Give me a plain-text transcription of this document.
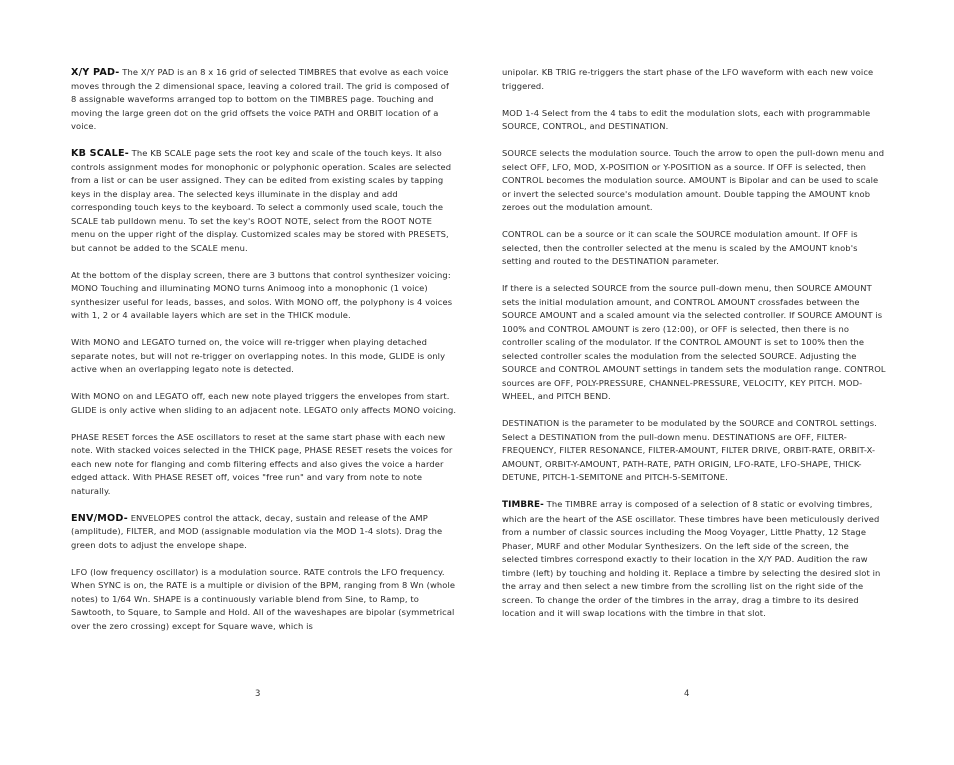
X/Y PAD- The X/Y PAD is an 8 x 16 grid of selected TIMBRES that evolve as each voice moves through the 2 dimensional space, leaving a colored trail. The grid is composed of 8 assignable waveforms arranged top to bottom on the TIMBRES page. Touching and moving the large green dot on the grid offsets the voice PATH and ORBIT location of a voice.

KB SCALE- The KB SCALE page sets the root key and scale of the touch keys. It also controls assignment modes for monophonic or polyphonic operation. Scales are selected from a list or can be user assigned. They can be edited from existing scales by tapping keys in the display area. The selected keys illuminate in the display and add corresponding touch keys to the keyboard. To select a commonly used scale, touch the SCALE tab pulldown menu. To set the key's ROOT NOTE, select from the ROOT NOTE menu on the upper right of the display. Customized scales may be stored with PRESETS, but cannot be added to the SCALE menu.

At the bottom of the display screen, there are 3 buttons that control synthesizer voicing: MONO Touching and illuminating MONO turns Animoog into a monophonic (1 voice) synthesizer useful for leads, basses, and solos. With MONO off, the polyphony is 4 voices with 1, 2 or 4 available layers which are set in the THICK module.

With MONO and LEGATO turned on, the voice will re-trigger when playing detached separate notes, but will not re-trigger on overlapping notes. In this mode, GLIDE is only active when an overlapping legato note is detected.

With MONO on and LEGATO off, each new note played triggers the envelopes from start. GLIDE is only active when sliding to an adjacent note. LEGATO only affects MONO voicing.

PHASE RESET forces the ASE oscillators to reset at the same start phase with each new note. With stacked voices selected in the THICK page, PHASE RESET resets the voices for each new note for flanging and comb filtering effects and also gives the voice a harder edged attack. With PHASE RESET off, voices "free run" and vary from note to note naturally.

ENV/MOD- ENVELOPES control the attack, decay, sustain and release of the AMP (amplitude), FILTER, and MOD (assignable modulation via the MOD 1-4 slots). Drag the green dots to adjust the envelope shape.

LFO (low frequency oscillator) is a modulation source. RATE controls the LFO frequency. When SYNC is on, the RATE is a multiple or division of the BPM, ranging from 8 Wn (whole notes) to 1/64 Wn. SHAPE is a continuously variable blend from Sine, to Ramp, to Sawtooth, to Square, to Sample and Hold. All of the waveshapes are bipolar (symmetrical over the zero crossing) except for Square wave, which is

3

unipolar. KB TRIG re-triggers the start phase of the LFO waveform with each new voice triggered.

MOD 1-4 Select from the 4 tabs to edit the modulation slots, each with programmable SOURCE, CONTROL, and DESTINATION.

SOURCE selects the modulation source. Touch the arrow to open the pull-down menu and select OFF, LFO, MOD, X-POSITION or Y-POSITION as a source. If OFF is selected, then CONTROL becomes the modulation source. AMOUNT is Bipolar and can be used to scale or invert the selected source's modulation amount. Double tapping the AMOUNT knob zeroes out the modulation amount.

CONTROL can be a source or it can scale the SOURCE modulation amount. If OFF is selected, then the controller selected at the menu is scaled by the AMOUNT knob's setting and routed to the DESTINATION parameter.

If there is a selected SOURCE from the source pull-down menu, then SOURCE AMOUNT sets the initial modulation amount, and CONTROL AMOUNT crossfades between the SOURCE AMOUNT and a scaled amount via the selected controller. If SOURCE AMOUNT is 100% and CONTROL AMOUNT is zero (12:00), or OFF is selected, then there is no controller scaling of the modulator. If the CONTROL AMOUNT is set to 100% then the selected controller scales the modulation from the selected SOURCE. Adjusting the SOURCE and CONTROL AMOUNT settings in tandem sets the modulation range. CONTROL sources are OFF, POLY-PRESSURE, CHANNEL-PRESSURE, VELOCITY, KEY PITCH. MOD-WHEEL, and PITCH BEND.

DESTINATION is the parameter to be modulated by the SOURCE and CONTROL settings. Select a DESTINATION from the pull-down menu. DESTINATIONS are OFF, FILTER-FREQUENCY, FILTER RESONANCE, FILTER-AMOUNT, FILTER DRIVE, ORBIT-RATE, ORBIT-X-AMOUNT, ORBIT-Y-AMOUNT, PATH-RATE, PATH ORIGIN, LFO-RATE, LFO-SHAPE, THICK-DETUNE, PITCH-1-SEMITONE and PITCH-5-SEMITONE.

TIMBRE- The TIMBRE array is composed of a selection of 8 static or evolving timbres, which are the heart of the ASE oscillator. These timbres have been meticulously derived from a number of classic sources including the Moog Voyager, Little Phatty, 12 Stage Phaser, MURF and other Modular Synthesizers. On the left side of the screen, the selected timbres correspond exactly to their location in the X/Y PAD. Audition the raw timbre (left) by touching and holding it. Replace a timbre by selecting the desired slot in the array and then select a new timbre from the scrolling list on the right side of the screen. To change the order of the timbres in the array, drag a timbre to its desired location and it will swap locations with the timbre in that slot.

4
